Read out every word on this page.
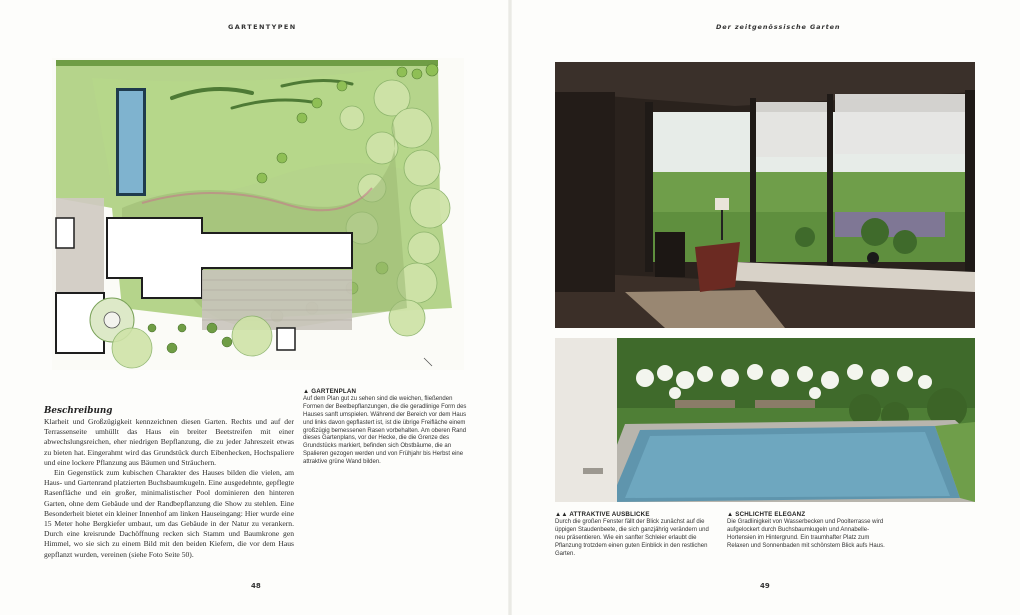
GARTENTYPEN	Der zeitgenössische Garten
Beschreibung

Klarheit und Großzügigkeit kennzeichnen diesen Garten. Rechts und auf der Terrassenseite umhüllt das Haus ein breiter Beetstreifen mit einer abwechslungsreichen, eher niedrigen Bepflanzung, die zu jeder Jahreszeit etwas zu bieten hat. Eingerahmt wird das Grundstück durch Eibenhecken, Hochspaliere und eine lockere Pflanzung aus Bäumen und Sträuchern.

Ein Gegenstück zum kubischen Charakter des Hauses bilden die vielen, am Haus- und Gartenrand platzierten Buchsbaumkugeln. Eine ausgedehnte, gepflegte Rasenfläche und ein großer, minimalistischer Pool dominieren den hinteren Garten, ohne dem Gebäude und der Randbepflanzung die Show zu stehlen. Eine Besonderheit bietet ein kleiner Innenhof am linken Hauseingang: Hier wurde eine 15 Meter hohe Bergkiefer umbaut, um das Gebäude in der Natur zu verankern. Durch eine kreisrunde Dachöffnung recken sich Stamm und Baumkrone gen Himmel, wo sie sich zu einem Bild mit den beiden Kiefern, die vor dem Haus gepflanzt wurden, vereinen (siehe Foto Seite 50).

▲ GARTENPLAN
Auf dem Plan gut zu sehen sind die weichen, fließenden Formen der Beetbepflanzungen, die die geradlinige Form des Hauses sanft umspielen. Während der Bereich vor dem Haus und links davon gepflastert ist, ist die übrige Freifläche einem großzügig bemessenen Rasen vorbehalten. Am oberen Rand dieses Gartenplans, vor der Hecke, die die Grenze des Grundstücks markiert, befinden sich Obstbäume, die an Spalieren gezogen werden und von Frühjahr bis Herbst eine attraktive grüne Wand bilden.
▲▲ ATTRAKTIVE AUSBLICKE
Durch die großen Fenster fällt der Blick zunächst auf die üppigen Staudenbeete, die sich ganzjährig verändern und neu präsentieren. Wie ein sanfter Schleier erlaubt die Pflanzung trotzdem einen guten Einblick in den restlichen Garten.
▲ SCHLICHTE ELEGANZ
Die Gradlinigkeit von Wasserbecken und Poolterrasse wird aufgelockert durch Buchsbaumkugeln und Annabelle-Hortensien im Hintergrund. Ein traumhafter Platz zum Relaxen und Sonnenbaden mit schönstem Blick aufs Haus.
48	49
